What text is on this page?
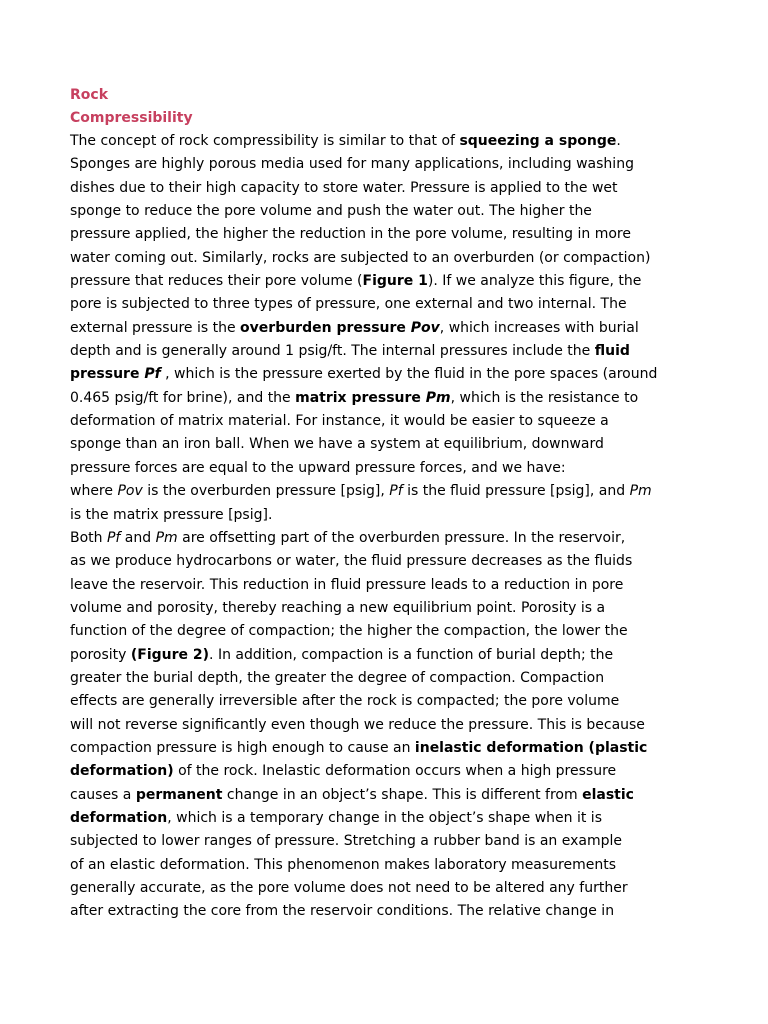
Rock

Compressibility

The concept of rock compressibility is similar to that of squeezing a sponge.

Sponges are highly porous media used for many applications, including washing

dishes due to their high capacity to store water. Pressure is applied to the wet

sponge to reduce the pore volume and push the water out. The higher the

pressure applied, the higher the reduction in the pore volume, resulting in more

water coming out. Similarly, rocks are subjected to an overburden (or compaction)

pressure that reduces their pore volume (Figure 1). If we analyze this figure, the

pore is subjected to three types of pressure, one external and two internal. The

external pressure is the overburden pressure Pov, which increases with burial

depth and is generally around 1 psig/ft. The internal pressures include the fluid

pressure Pf , which is the pressure exerted by the fluid in the pore spaces (around

0.465 psig/ft for brine), and the matrix pressure Pm, which is the resistance to

deformation of matrix material. For instance, it would be easier to squeeze a

sponge than an iron ball. When we have a system at equilibrium, downward

pressure forces are equal to the upward pressure forces, and we have:

where Pov is the overburden pressure [psig], Pf is the fluid pressure [psig], and Pm

is the matrix pressure [psig].

Both Pf and Pm are offsetting part of the overburden pressure. In the reservoir,

as we produce hydrocarbons or water, the fluid pressure decreases as the fluids

leave the reservoir. This reduction in fluid pressure leads to a reduction in pore

volume and porosity, thereby reaching a new equilibrium point. Porosity is a

function of the degree of compaction; the higher the compaction, the lower the

porosity (Figure 2). In addition, compaction is a function of burial depth; the

greater the burial depth, the greater the degree of compaction. Compaction

effects are generally irreversible after the rock is compacted; the pore volume

will not reverse significantly even though we reduce the pressure. This is because

compaction pressure is high enough to cause an inelastic deformation (plastic

deformation) of the rock. Inelastic deformation occurs when a high pressure

causes a permanent change in an object’s shape. This is different from elastic

deformation, which is a temporary change in the object’s shape when it is

subjected to lower ranges of pressure. Stretching a rubber band is an example

of an elastic deformation. This phenomenon makes laboratory measurements

generally accurate, as the pore volume does not need to be altered any further

after extracting the core from the reservoir conditions. The relative change in
